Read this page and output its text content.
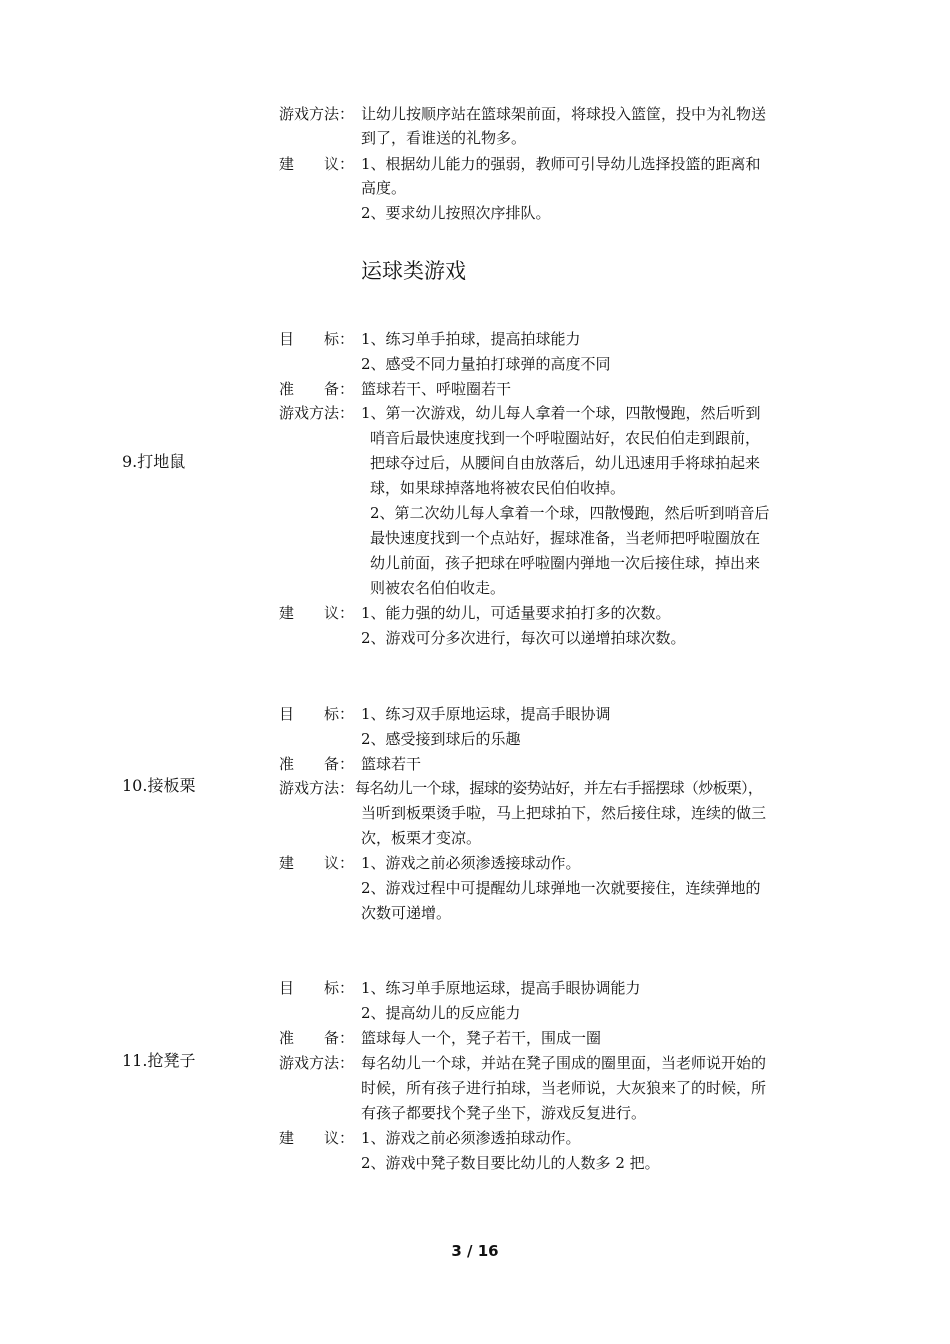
游戏方法： 让幼儿按顺序站在篮球架前面，将球投入篮筐，投中为礼物送
到了，看谁送的礼物多。
建　　议： 1、根据幼儿能力的强弱，教师可引导幼儿选择投篮的距离和
高度。
2、要求幼儿按照次序排队。
运球类游戏
9.打地鼠
目　　标： 1、练习单手拍球，提高拍球能力
2、感受不同力量拍打球弹的高度不同
准　　备： 篮球若干、呼啦圈若干
游戏方法： 1、第一次游戏，幼儿每人拿着一个球，四散慢跑，然后听到
哨音后最快速度找到一个呼啦圈站好，农民伯伯走到跟前，
把球夺过后，从腰间自由放落后，幼儿迅速用手将球拍起来
球，如果球掉落地将被农民伯伯收掉。
2、第二次幼儿每人拿着一个球，四散慢跑，然后听到哨音后
最快速度找到一个点站好，握球准备，当老师把呼啦圈放在
幼儿前面，孩子把球在呼啦圈内弹地一次后接住球，掉出来
则被农名伯伯收走。
建　　议： 1、能力强的幼儿，可适量要求拍打多的次数。
2、游戏可分多次进行，每次可以递增拍球次数。
10.接板栗
目　　标： 1、练习双手原地运球，提高手眼协调
2、感受接到球后的乐趣
准　　备： 篮球若干
游戏方法： 每名幼儿一个球，握球的姿势站好，并左右手摇摆球（炒板栗），
当听到板栗烫手啦，马上把球拍下，然后接住球，连续的做三
次，板栗才变凉。
建　　议： 1、游戏之前必须渗透接球动作。
2、游戏过程中可提醒幼儿球弹地一次就要接住，连续弹地的
次数可递增。
11.抢凳子
目　　标： 1、练习单手原地运球，提高手眼协调能力
2、提高幼儿的反应能力
准　　备： 篮球每人一个，凳子若干，围成一圈
游戏方法： 每名幼儿一个球，并站在凳子围成的圈里面，当老师说开始的
时候，所有孩子进行拍球，当老师说，大灰狼来了的时候，所
有孩子都要找个凳子坐下，游戏反复进行。
建　　议： 1、游戏之前必须渗透拍球动作。
2、游戏中凳子数目要比幼儿的人数多 2 把。
3 / 16
